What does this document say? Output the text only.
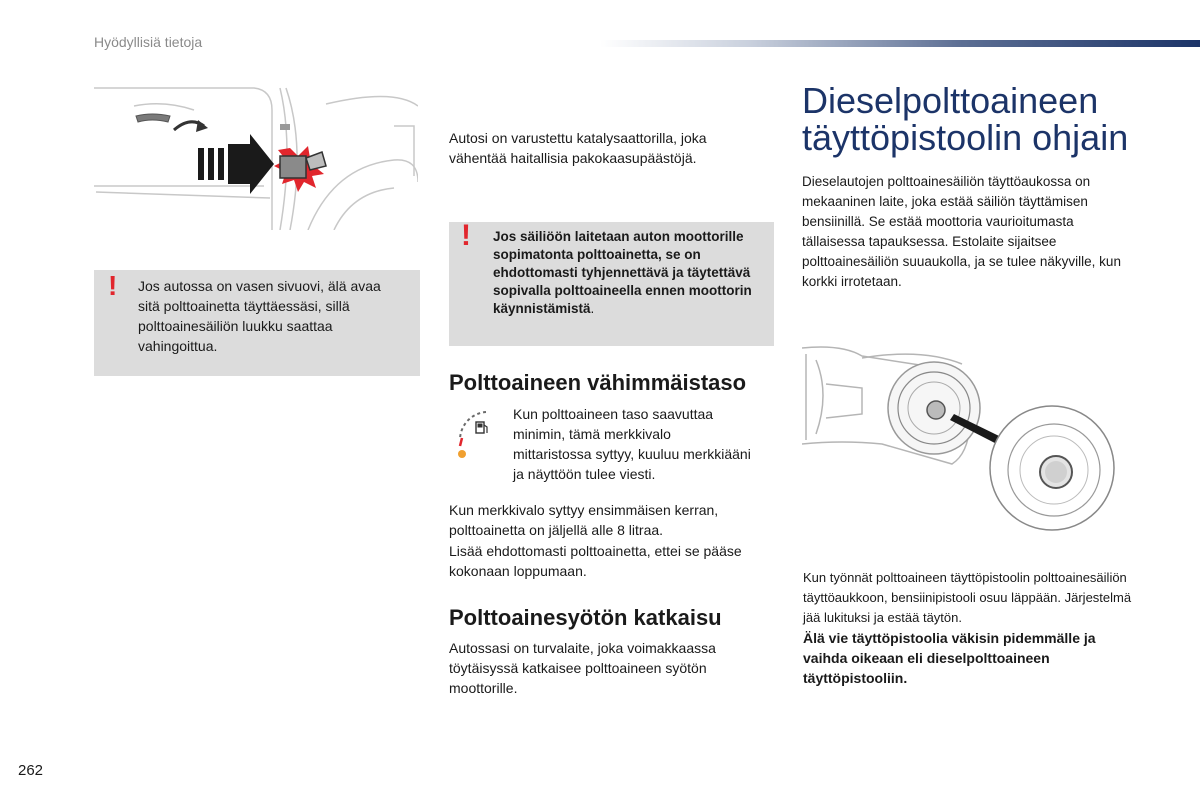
Hyödyllisiä tietoja
! Jos autossa on vasen sivuovi, älä avaa sitä polttoainetta täyttäessäsi, sillä polttoainesäiliön luukku saattaa vahingoittua.
Autosi on varustettu katalysaattorilla, joka vähentää haitallisia pakokaasupäästöjä.
! Jos säiliöön laitetaan auton moottorille sopimatonta polttoainetta, se on ehdottomasti tyhjennettävä ja täytettävä sopivalla polttoaineella ennen moottorin käynnistämistä.
Polttoaineen vähimmäistaso
Kun polttoaineen taso saavuttaa minimin, tämä merkkivalo mittaristossa syttyy, kuuluu merkkiääni ja näyttöön tulee viesti.
Kun merkkivalo syttyy ensimmäisen kerran, polttoainetta on jäljellä alle 8 litraa.
Lisää ehdottomasti polttoainetta, ettei se pääse kokonaan loppumaan.
Polttoainesyötön katkaisu
Autossasi on turvalaite, joka voimakkaassa töytäisyssä katkaisee polttoaineen syötön moottorille.
Dieselpolttoaineen
täyttöpistoolin ohjain
Dieselautojen polttoainesäiliön täyttöaukossa on mekaaninen laite, joka estää säiliön täyttämisen bensiinillä. Se estää moottoria vaurioitumasta tällaisessa tapauksessa. Estolaite sijaitsee polttoainesäiliön suuaukolla, ja se tulee näkyville, kun korkki irrotetaan.
Kun työnnät polttoaineen täyttöpistoolin polttoainesäiliön täyttöaukkoon, bensiinipistooli osuu läppään. Järjestelmä jää lukituksi ja estää täytön.
Älä vie täyttöpistoolia väkisin pidemmälle ja vaihda oikeaan eli dieselpolttoaineen täyttöpistooliin.
262
